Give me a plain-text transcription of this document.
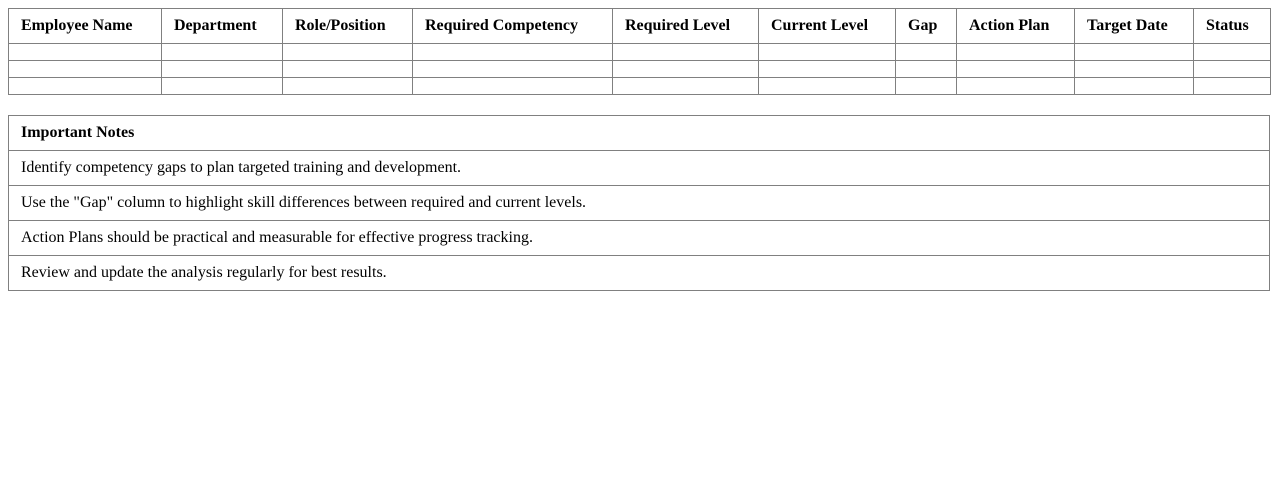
Employee Name	Department	Role/Position	Required Competency	Required Level	Current Level	Gap	Action Plan	Target Date	Status

Important Notes
Identify competency gaps to plan targeted training and development.
Use the "Gap" column to highlight skill differences between required and current levels.
Action Plans should be practical and measurable for effective progress tracking.
Review and update the analysis regularly for best results.
